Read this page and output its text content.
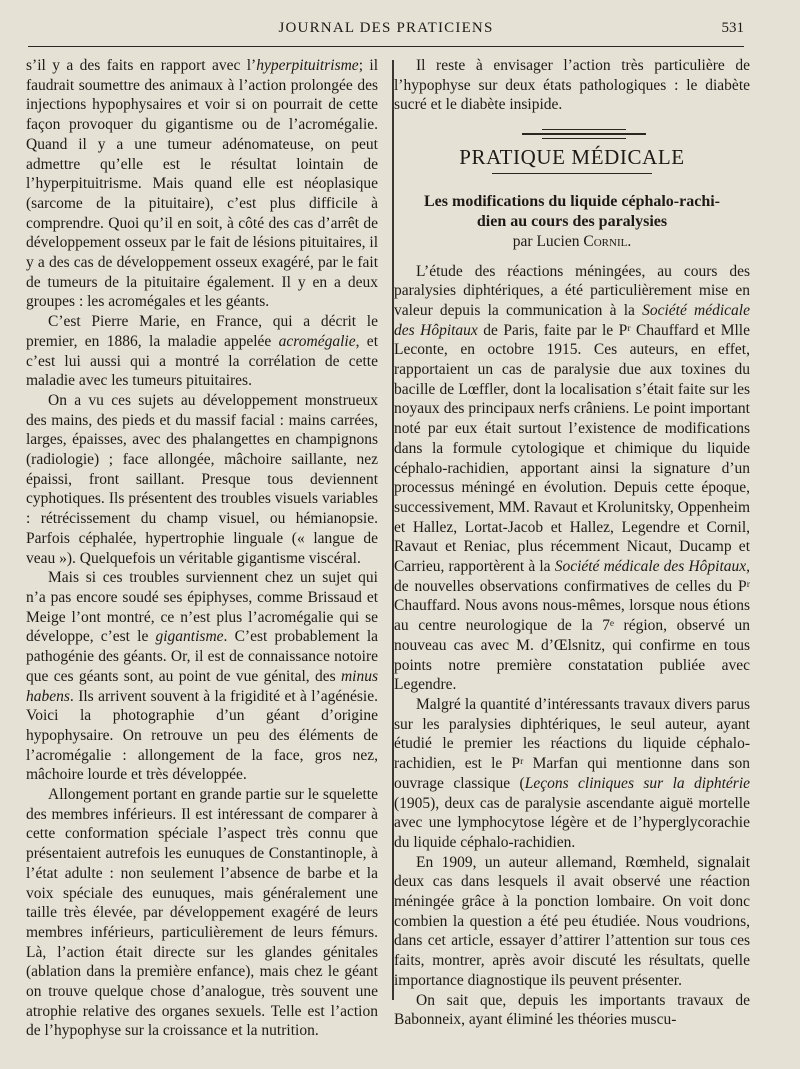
JOURNAL DES PRATICIENS	531

s’il y a des faits en rapport avec l’hyperpituitrisme; il faudrait soumettre des animaux à l’action prolongée des injections hypophysaires et voir si on pourrait de cette façon provoquer du gigantisme ou de l’acromégalie. Quand il y a une tumeur adénomateuse, on peut admettre qu’elle est le résultat lointain de l’hyperpituitrisme. Mais quand elle est néoplasique (sarcome de la pituitaire), c’est plus difficile à comprendre. Quoi qu’il en soit, à côté des cas d’arrêt de développement osseux par le fait de lésions pituitaires, il y a des cas de développement osseux exagéré, par le fait de tumeurs de la pituitaire également. Il y en a deux groupes : les acromégales et les géants.

C’est Pierre Marie, en France, qui a décrit le premier, en 1886, la maladie appelée acromégalie, et c’est lui aussi qui a montré la corrélation de cette maladie avec les tumeurs pituitaires.

On a vu ces sujets au développement monstrueux des mains, des pieds et du massif facial : mains carrées, larges, épaisses, avec des phalangettes en champignons (radiologie) ; face allongée, mâchoire saillante, nez épaissi, front saillant. Presque tous deviennent cyphotiques. Ils présentent des troubles visuels variables : rétrécissement du champ visuel, ou hémianopsie. Parfois céphalée, hypertrophie linguale (« langue de veau »). Quelquefois un véritable gigantisme viscéral.

Mais si ces troubles surviennent chez un sujet qui n’a pas encore soudé ses épiphyses, comme Brissaud et Meige l’ont montré, ce n’est plus l’acromégalie qui se développe, c’est le gigantisme. C’est probablement la pathogénie des géants. Or, il est de connaissance notoire que ces géants sont, au point de vue génital, des minus habens. Ils arrivent souvent à la frigidité et à l’agénésie. Voici la photographie d’un géant d’origine hypophysaire. On retrouve un peu des éléments de l’acromégalie : allongement de la face, gros nez, mâchoire lourde et très développée.

Allongement portant en grande partie sur le squelette des membres inférieurs. Il est intéressant de comparer à cette conformation spéciale l’aspect très connu que présentaient autrefois les eunuques de Constantinople, à l’état adulte : non seulement l’absence de barbe et la voix spéciale des eunuques, mais généralement une taille très élevée, par développement exagéré de leurs membres inférieurs, particulièrement de leurs fémurs. Là, l’action était directe sur les glandes génitales (ablation dans la première enfance), mais chez le géant on trouve quelque chose d’analogue, très souvent une atrophie relative des organes sexuels. Telle est l’action de l’hypophyse sur la croissance et la nutrition.

Il reste à envisager l’action très particulière de l’hypophyse sur deux états pathologiques : le diabète sucré et le diabète insipide.

PRATIQUE MÉDICALE
Les modifications du liquide céphalo-rachi-
dien au cours des paralysies
par Lucien Cornil.

L’étude des réactions méningées, au cours des paralysies diphtériques, a été particulièrement mise en valeur depuis la communication à la Société médicale des Hôpitaux de Paris, faite par le Pʳ Chauffard et Mlle Leconte, en octobre 1915. Ces auteurs, en effet, rapportaient un cas de paralysie due aux toxines du bacille de Lœffler, dont la localisation s’était faite sur les noyaux des principaux nerfs crâniens. Le point important noté par eux était surtout l’existence de modifications dans la formule cytologique et chimique du liquide céphalo-rachidien, apportant ainsi la signature d’un processus méningé en évolution. Depuis cette époque, successivement, MM. Ravaut et Krolunitsky, Oppenheim et Hallez, Lortat-Jacob et Hallez, Legendre et Cornil, Ravaut et Reniac, plus récemment Nicaut, Ducamp et Carrieu, rapportèrent à la Société médicale des Hôpitaux, de nouvelles observations confirmatives de celles du Pʳ Chauffard. Nous avons nous-mêmes, lorsque nous étions au centre neurologique de la 7ᵉ région, observé un nouveau cas avec M. d’Œlsnitz, qui confirme en tous points notre première constatation publiée avec Legendre.

Malgré la quantité d’intéressants travaux divers parus sur les paralysies diphtériques, le seul auteur, ayant étudié le premier les réactions du liquide céphalo-rachidien, est le Pʳ Marfan qui mentionne dans son ouvrage classique (Leçons cliniques sur la diphtérie (1905), deux cas de paralysie ascendante aiguë mortelle avec une lymphocytose légère et de l’hyperglycorachie du liquide céphalo-rachidien.

En 1909, un auteur allemand, Rœmheld, signalait deux cas dans lesquels il avait observé une réaction méningée grâce à la ponction lombaire. On voit donc combien la question a été peu étudiée. Nous voudrions, dans cet article, essayer d’attirer l’attention sur tous ces faits, montrer, après avoir discuté les résultats, quelle importance diagnostique ils peuvent présenter.

On sait que, depuis les importants travaux de Babonneix, ayant éliminé les théories muscu-
